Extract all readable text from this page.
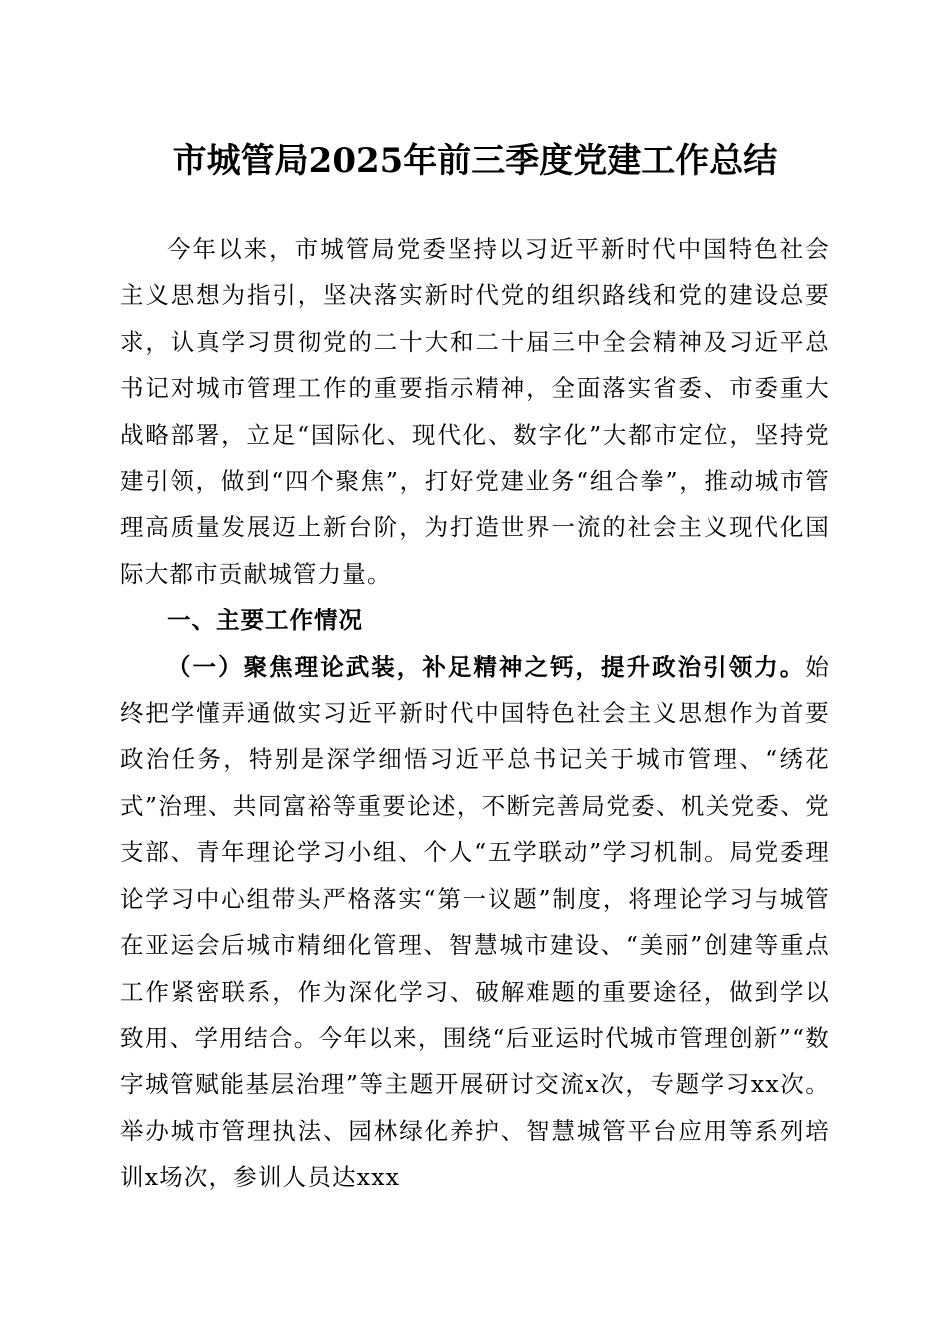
市城管局2025年前三季度党建工作总结

今年以来，市城管局党委坚持以习近平新时代中国特色社会主义思想为指引，坚决落实新时代党的组织路线和党的建设总要求，认真学习贯彻党的二十大和二十届三中全会精神及习近平总书记对城市管理工作的重要指示精神，全面落实省委、市委重大战略部署，立足“国际化、现代化、数字化”大都市定位，坚持党建引领，做到“四个聚焦”，打好党建业务“组合拳”，推动城市管理高质量发展迈上新台阶，为打造世界一流的社会主义现代化国际大都市贡献城管力量。

一、主要工作情况

（一）聚焦理论武装，补足精神之钙，提升政治引领力。始终把学懂弄通做实习近平新时代中国特色社会主义思想作为首要政治任务，特别是深学细悟习近平总书记关于城市管理、“绣花式”治理、共同富裕等重要论述，不断完善局党委、机关党委、党支部、青年理论学习小组、个人“五学联动”学习机制。局党委理论学习中心组带头严格落实“第一议题”制度，将理论学习与城管在亚运会后城市精细化管理、智慧城市建设、“美丽”创建等重点工作紧密联系，作为深化学习、破解难题的重要途径，做到学以致用、学用结合。今年以来，围绕“后亚运时代城市管理创新”“数字城管赋能基层治理”等主题开展研讨交流x次，专题学习xx次。举办城市管理执法、园林绿化养护、智慧城管平台应用等系列培训x场次，参训人员达xxx
